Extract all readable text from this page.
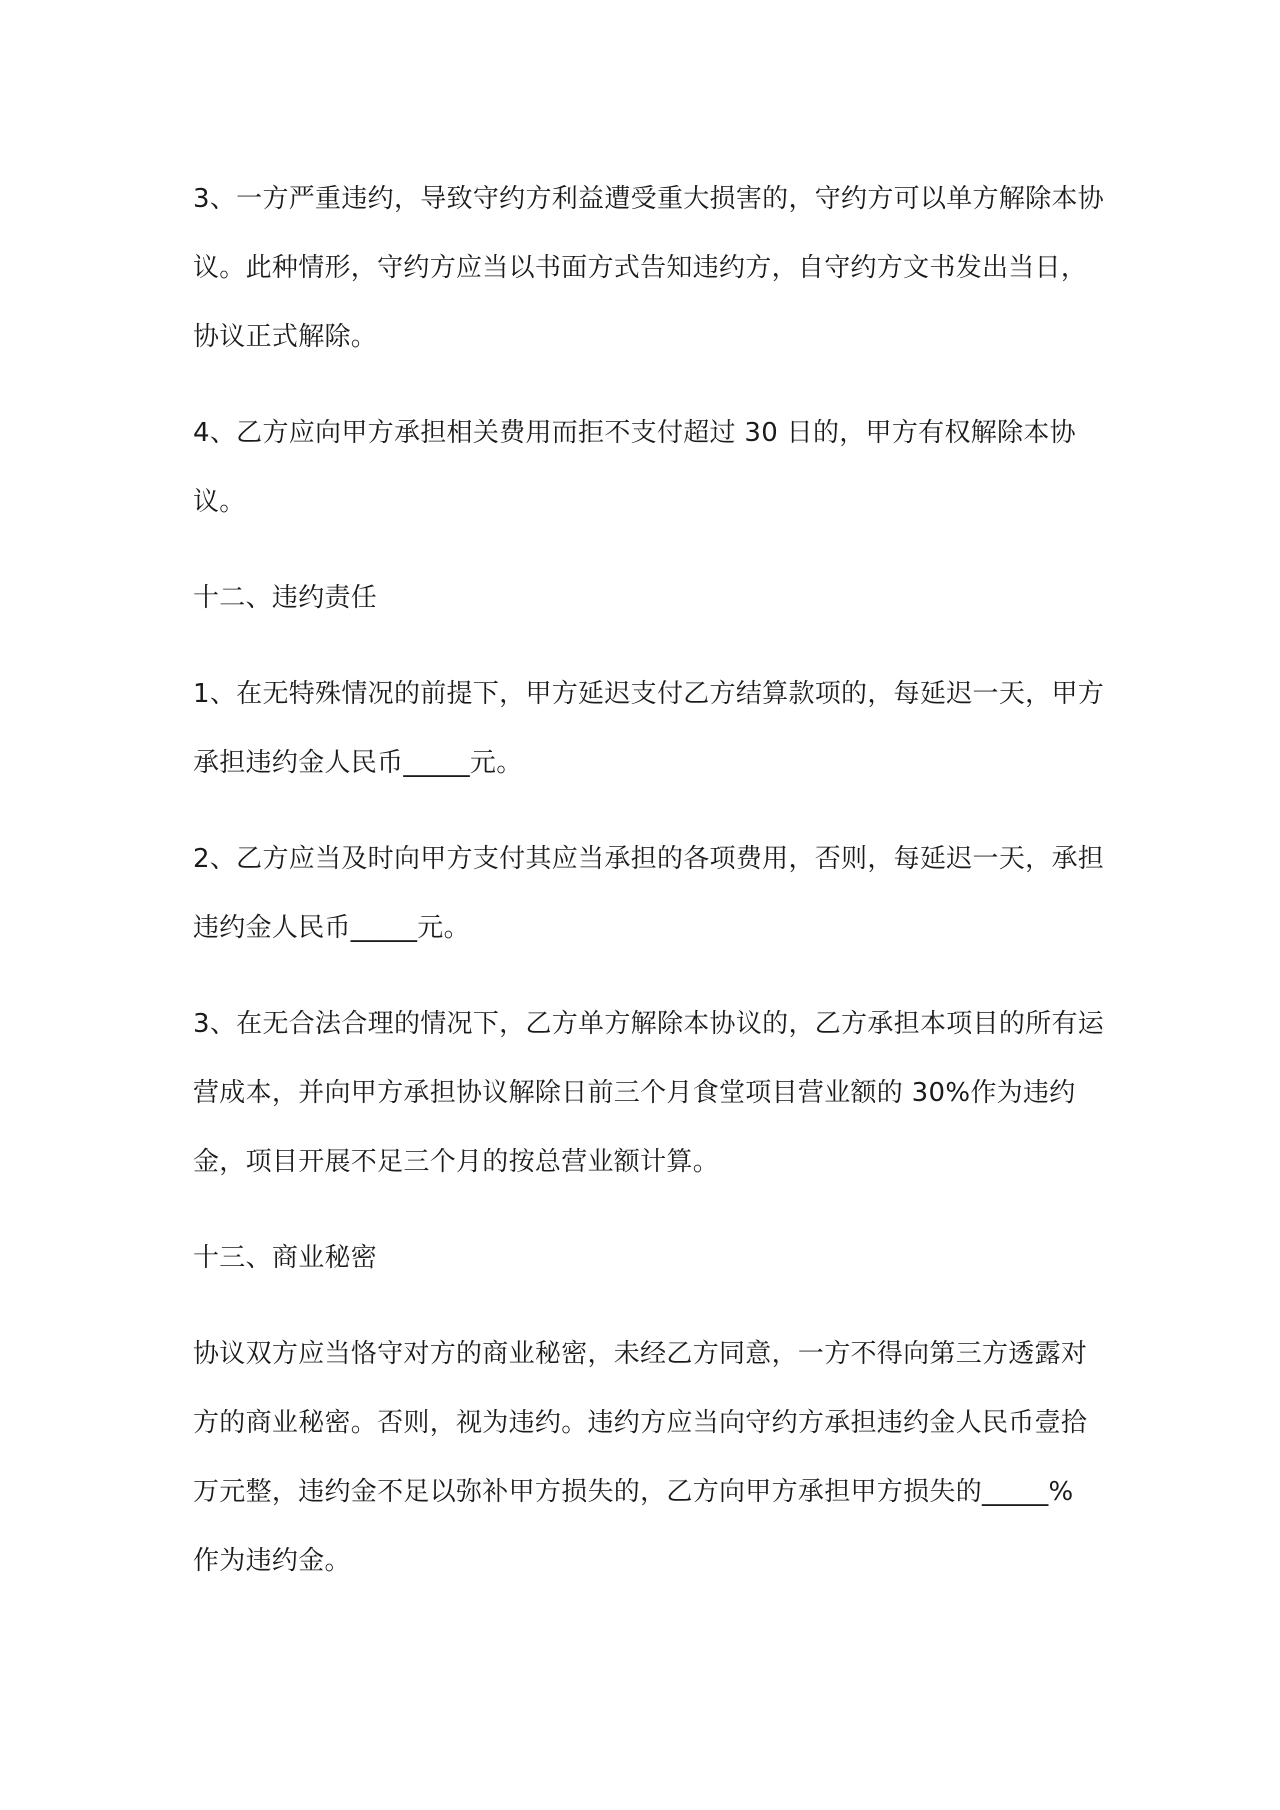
3、一方严重违约，导致守约方利益遭受重大损害的，守约方可以单方解除本协
议。此种情形，守约方应当以书面方式告知违约方，自守约方文书发出当日，
协议正式解除。
4、乙方应向甲方承担相关费用而拒不支付超过 30 日的，甲方有权解除本协
议。
十二、违约责任
1、在无特殊情况的前提下，甲方延迟支付乙方结算款项的，每延迟一天，甲方
承担违约金人民币_____元。
2、乙方应当及时向甲方支付其应当承担的各项费用，否则，每延迟一天，承担
违约金人民币_____元。
3、在无合法合理的情况下，乙方单方解除本协议的，乙方承担本项目的所有运
营成本，并向甲方承担协议解除日前三个月食堂项目营业额的 30%作为违约
金，项目开展不足三个月的按总营业额计算。
十三、商业秘密
协议双方应当恪守对方的商业秘密，未经乙方同意，一方不得向第三方透露对
方的商业秘密。否则，视为违约。违约方应当向守约方承担违约金人民币壹拾
万元整，违约金不足以弥补甲方损失的，乙方向甲方承担甲方损失的_____%
作为违约金。
